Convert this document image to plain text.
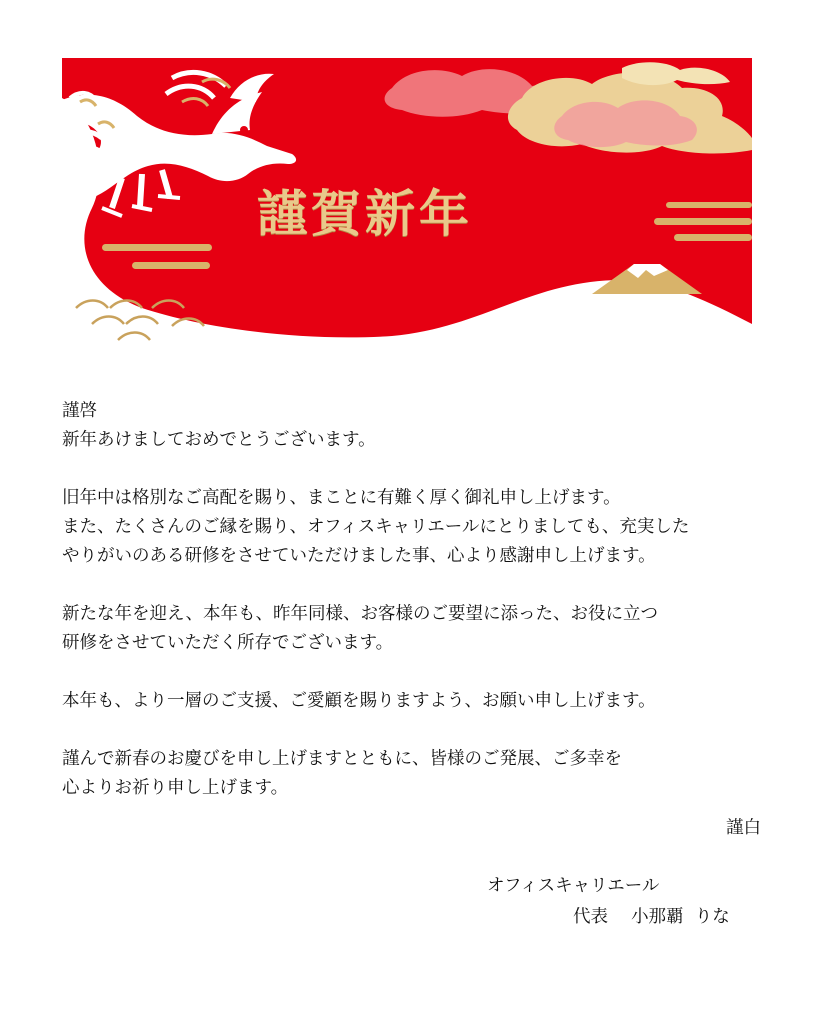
謹賀新年

謹啓

新年あけましておめでとうございます。

旧年中は格別なご高配を賜り、まことに有難く厚く御礼申し上げます。

また、たくさんのご縁を賜り、オフィスキャリエールにとりましても、充実した

やりがいのある研修をさせていただけました事、心より感謝申し上げます。

新たな年を迎え、本年も、昨年同様、お客様のご要望に添った、お役に立つ

研修をさせていただく所存でございます。

本年も、より一層のご支援、ご愛顧を賜りますよう、お願い申し上げます。

謹んで新春のお慶びを申し上げますとともに、皆様のご発展、ご多幸を

心よりお祈り申し上げます。

謹白
オフィスキャリエール
代表　 小那覇  りな
